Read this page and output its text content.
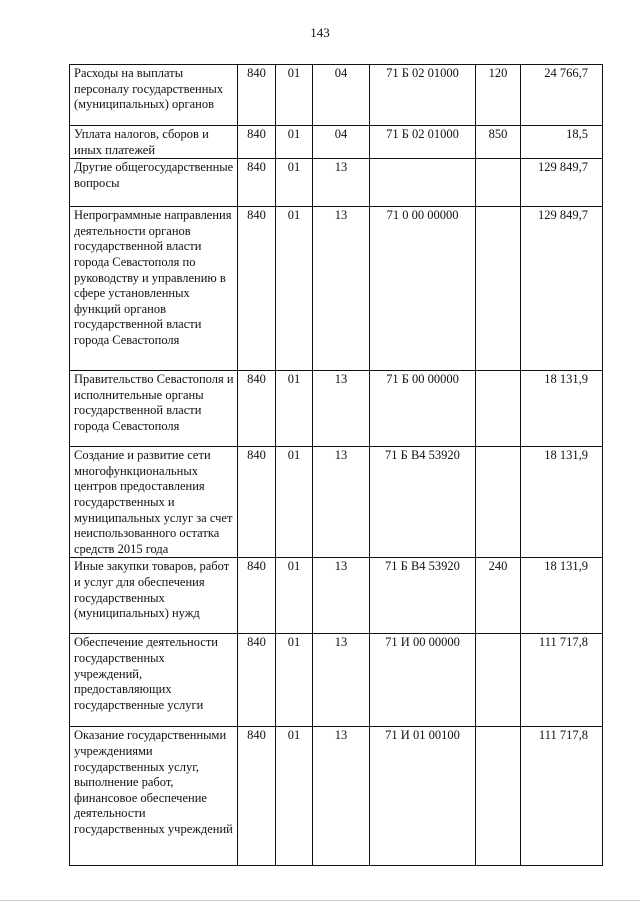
143
Расходы на выплаты персоналу государственных (муниципальных) органов	840	01	04	71 Б 02 01000	120	24 766,7
Уплата налогов, сборов и иных платежей	840	01	04	71 Б 02 01000	850	18,5
Другие общегосударственные вопросы	840	01	13			129 849,7
Непрограммные направления деятельности органов государственной власти города Севастополя по руководству и управлению в сфере установленных функций органов государственной власти города Севастополя	840	01	13	71 0 00 00000		129 849,7
Правительство Севастополя и исполнительные органы государственной власти города Севастополя	840	01	13	71 Б 00 00000		18 131,9
Создание и развитие сети многофункциональных центров предоставления государственных и муниципальных услуг за счет неиспользованного остатка средств 2015 года	840	01	13	71 Б В4 53920		18 131,9
Иные закупки товаров, работ и услуг для обеспечения государственных (муниципальных) нужд	840	01	13	71 Б В4 53920	240	18 131,9
Обеспечение деятельности государственных учреждений, предоставляющих государственные услуги	840	01	13	71 И 00 00000		111 717,8
Оказание государственными учреждениями государственных услуг, выполнение работ, финансовое обеспечение деятельности государственных учреждений	840	01	13	71 И 01 00100		111 717,8
